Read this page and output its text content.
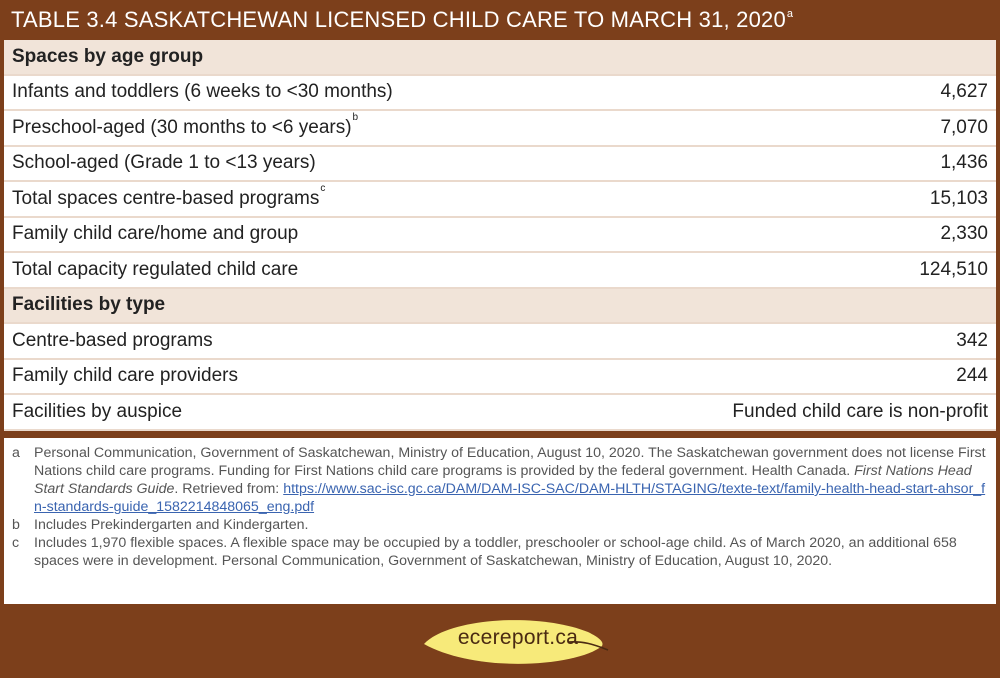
TABLE 3.4 SASKATCHEWAN LICENSED CHILD CARE TO MARCH 31, 2020$^a$
Spaces by age group
Infants and toddlers (6 weeks to <30 months)	4,627
Preschool-aged (30 months to <6 years)$^b$	7,070
School-aged (Grade 1 to <13 years)	1,436
Total spaces centre-based programs$^c$	15,103
Family child care/home and group	2,330
Total capacity regulated child care	124,510
Facilities by type
Centre-based programs	342
Family child care providers	244
Facilities by auspice	Funded child care is non-profit
a Personal Communication, Government of Saskatchewan, Ministry of Education, August 10, 2020. The Saskatchewan government does not license First Nations child care programs. Funding for First Nations child care programs is provided by the federal government. Health Canada. First Nations Head Start Standards Guide. Retrieved from: https://www.sac-isc.gc.ca/DAM/DAM-ISC-SAC/DAM-HLTH/STAGING/texte-text/family-health-head-start-ahsor_fn-standards-guide_1582214848065_eng.pdf
b Includes Prekindergarten and Kindergarten.
c	Includes 1,970 flexible spaces. A flexible space may be occupied by a toddler, preschooler or school-age child. As of March 2020, an additional 658 spaces were in development. Personal Communication, Government of Saskatchewan, Ministry of Education, August 10, 2020.
ecereport.ca
